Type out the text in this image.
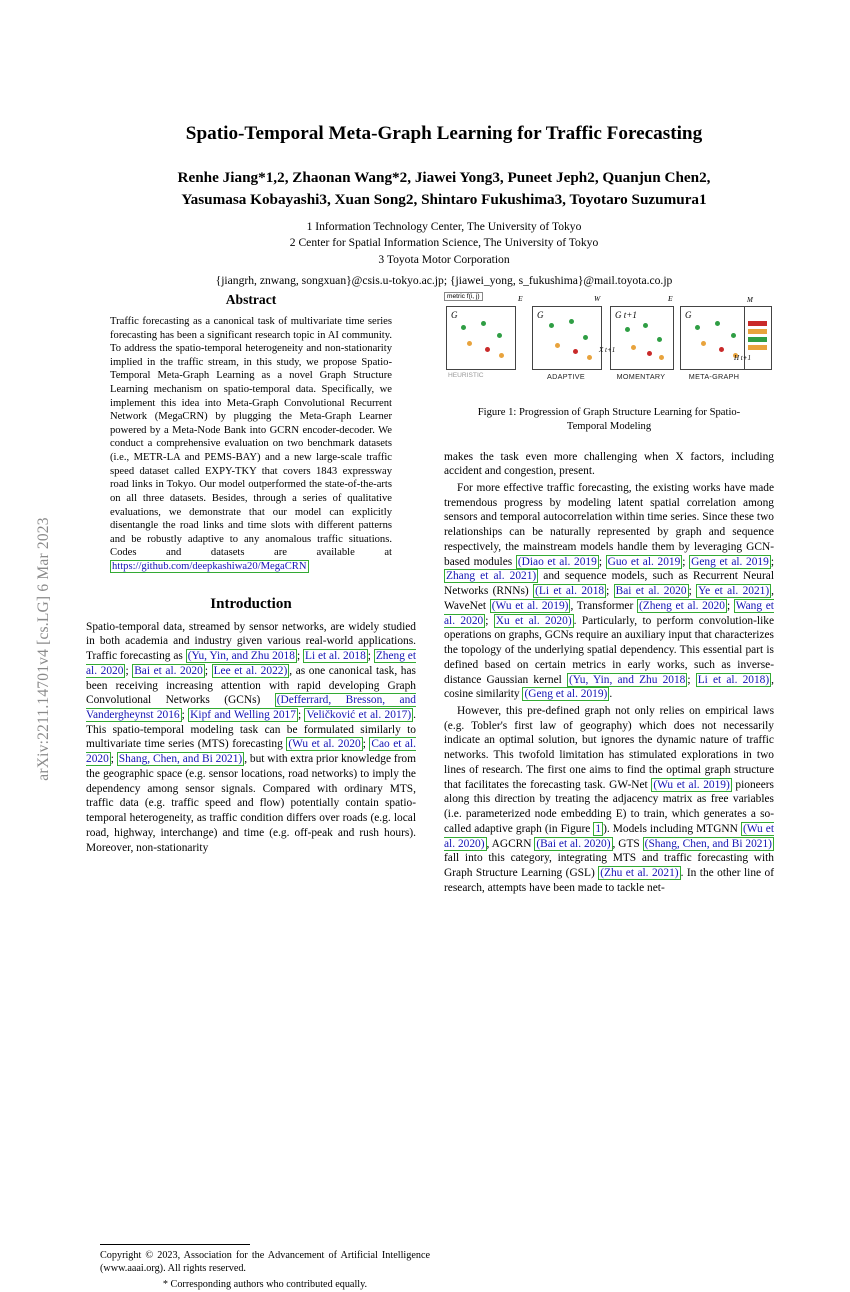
arXiv:2211.14701v4 [cs.LG] 6 Mar 2023
Spatio-Temporal Meta-Graph Learning for Traffic Forecasting
Renhe Jiang*1,2, Zhaonan Wang*2, Jiawei Yong3, Puneet Jeph2, Quanjun Chen2,
Yasumasa Kobayashi3, Xuan Song2, Shintaro Fukushima3, Toyotaro Suzumura1
1 Information Technology Center, The University of Tokyo
2 Center for Spatial Information Science, The University of Tokyo
3 Toyota Motor Corporation
{jiangrh, znwang, songxuan}@csis.u-tokyo.ac.jp; {jiawei_yong, s_fukushima}@mail.toyota.co.jp
Abstract
Traffic forecasting as a canonical task of multivariate time series forecasting has been a significant research topic in AI community. To address the spatio-temporal heterogeneity and non-stationarity implied in the traffic stream, in this study, we propose Spatio-Temporal Meta-Graph Learning as a novel Graph Structure Learning mechanism on spatio-temporal data. Specifically, we implement this idea into Meta-Graph Convolutional Recurrent Network (MegaCRN) by plugging the Meta-Graph Learner powered by a Meta-Node Bank into GCRN encoder-decoder. We conduct a comprehensive evaluation on two benchmark datasets (i.e., METR-LA and PEMS-BAY) and a new large-scale traffic speed dataset called EXPY-TKY that covers 1843 expressway road links in Tokyo. Our model outperformed the state-of-the-arts on all three datasets. Besides, through a series of qualitative evaluations, we demonstrate that our model can explicitly disentangle the road links and time slots with different patterns and be robustly adaptive to any anomalous traffic situations. Codes and datasets are available at https://github.com/deepkashiwa20/MegaCRN
Introduction

Spatio-temporal data, streamed by sensor networks, are widely studied in both academia and industry given various real-world applications. Traffic forecasting as (Yu, Yin, and Zhu 2018 ; Li et al. 2018 ; Zheng et al. 2020 ; Bai et al. 2020 ; Lee et al. 2022) , as one canonical task, has been receiving increasing attention with rapid developing Graph Convolutional Networks (GCNs) (Defferrard, Bresson, and Vandergheynst 2016 ; Kipf and Welling 2017 ; Veličković et al. 2017) . This spatio-temporal modeling task can be formulated similarly to multivariate time series (MTS) forecasting (Wu et al. 2020 ; Cao et al. 2020 ; Shang, Chen, and Bi 2021) , but with extra prior knowledge from the geographic space (e.g. sensor locations, road networks) to imply the dependency among sensor signals. Compared with ordinary MTS, traffic data (e.g. traffic speed and flow) potentially contain spatio-temporal heterogeneity, as traffic condition differs over roads (e.g. local road, highway, interchange) and time (e.g. off-peak and rush hours). Moreover, non-stationarity

Copyright © 2023, Association for the Advancement of Artificial Intelligence (www.aaai.org). All rights reserved.
* Corresponding authors who contributed equally.
G
metric f(i, j)
HEURISTIC
G
E
ADAPTIVE
G t+1
W
X t+1
MOMENTARY
G
E	M
H t+1
META-GRAPH
Figure 1: Progression of Graph Structure Learning for Spatio-Temporal Modeling

makes the task even more challenging when X factors, including accident and congestion, present.

For more effective traffic forecasting, the existing works have made tremendous progress by modeling latent spatial correlation among sensors and temporal autocorrelation within time series. Since these two relationships can be naturally represented by graph and sequence respectively, the mainstream models handle them by leveraging GCN-based modules (Diao et al. 2019 ; Guo et al. 2019 ; Geng et al. 2019 ; Zhang et al. 2021) and sequence models, such as Recurrent Neural Networks (RNNs) (Li et al. 2018 ; Bai et al. 2020 ; Ye et al. 2021) , WaveNet (Wu et al. 2019) , Transformer (Zheng et al. 2020 ; Wang et al. 2020 ; Xu et al. 2020) . Particularly, to perform convolution-like operations on graphs, GCNs require an auxiliary input that characterizes the topology of the underlying spatial dependency. This essential part is defined based on certain metrics in early works, such as inverse-distance Gaussian kernel (Yu, Yin, and Zhu 2018 ; Li et al. 2018) , cosine similarity (Geng et al. 2019) .

However, this pre-defined graph not only relies on empirical laws (e.g. Tobler's first law of geography) which does not necessarily indicate an optimal solution, but ignores the dynamic nature of traffic networks. This twofold limitation has stimulated explorations in two lines of research. The first one aims to find the optimal graph structure that facilitates the forecasting task. GW-Net (Wu et al. 2019) pioneers along this direction by treating the adjacency matrix as free variables (i.e. parameterized node embedding E) to train, which generates a so-called adaptive graph (in Figure 1 ). Models including MTGNN (Wu et al. 2020) , AGCRN (Bai et al. 2020) , GTS (Shang, Chen, and Bi 2021) fall into this category, integrating MTS and traffic forecasting with Graph Structure Learning (GSL) (Zhu et al. 2021) . In the other line of research, attempts have been made to tackle net-
